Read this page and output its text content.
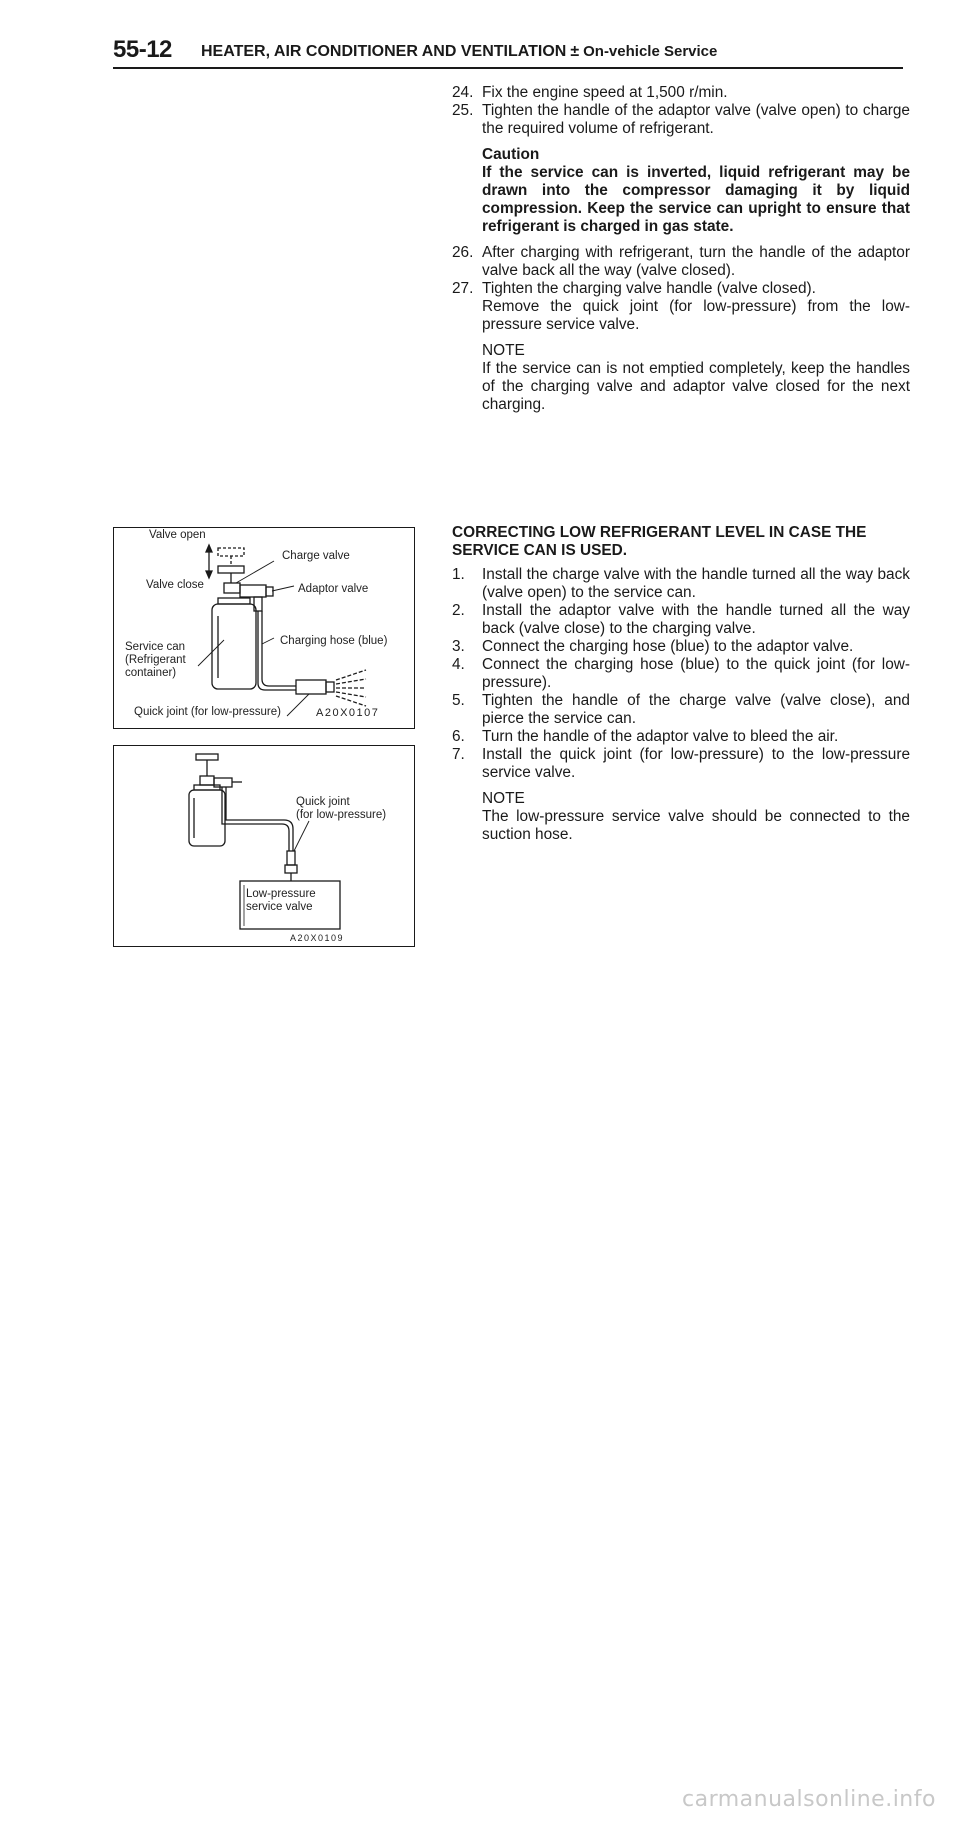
55-12 HEATER, AIR CONDITIONER AND VENTILATION ± On-vehicle Service
24. Fix the engine speed at 1,500 r/min.
25. Tighten the handle of the adaptor valve (valve open) to charge the required volume of refrigerant.
Caution
If the service can is inverted, liquid refrigerant may be drawn into the compressor damaging it by liquid compression. Keep the service can upright to ensure that refrigerant is charged in gas state.
26. After charging with refrigerant, turn the handle of the adaptor valve back all the way (valve closed).
27. Tighten the charging valve handle (valve closed).
Remove the quick joint (for low-pressure) from the low-pressure service valve.
NOTE
If the service can is not emptied completely, keep the handles of the charging valve and adaptor valve closed for the next charging.
CORRECTING LOW REFRIGERANT LEVEL IN CASE THE SERVICE CAN IS USED.
1. Install the charge valve with the handle turned all the way back (valve open) to the service can.
2. Install the adaptor valve with the handle turned all the way back (valve close) to the charging valve.
3. Connect the charging hose (blue) to the adaptor valve.
4. Connect the charging hose (blue) to the quick joint (for low-pressure).
5. Tighten the handle of the charge valve (valve close), and pierce the service can.
6. Turn the handle of the adaptor valve to bleed the air.
7. Install the quick joint (for low-pressure) to the low-pressure service valve.
NOTE
The low-pressure service valve should be connected to the suction hose.
Valve open
Valve close
Charge valve
Adaptor valve
Charging hose (blue)
Service can
(Refrigerant
container)
Quick joint (for low-pressure)	A20X0107
Quick joint
(for low-pressure)
Low-pressure
service valve
A20X0109
carmanualsonline.info
